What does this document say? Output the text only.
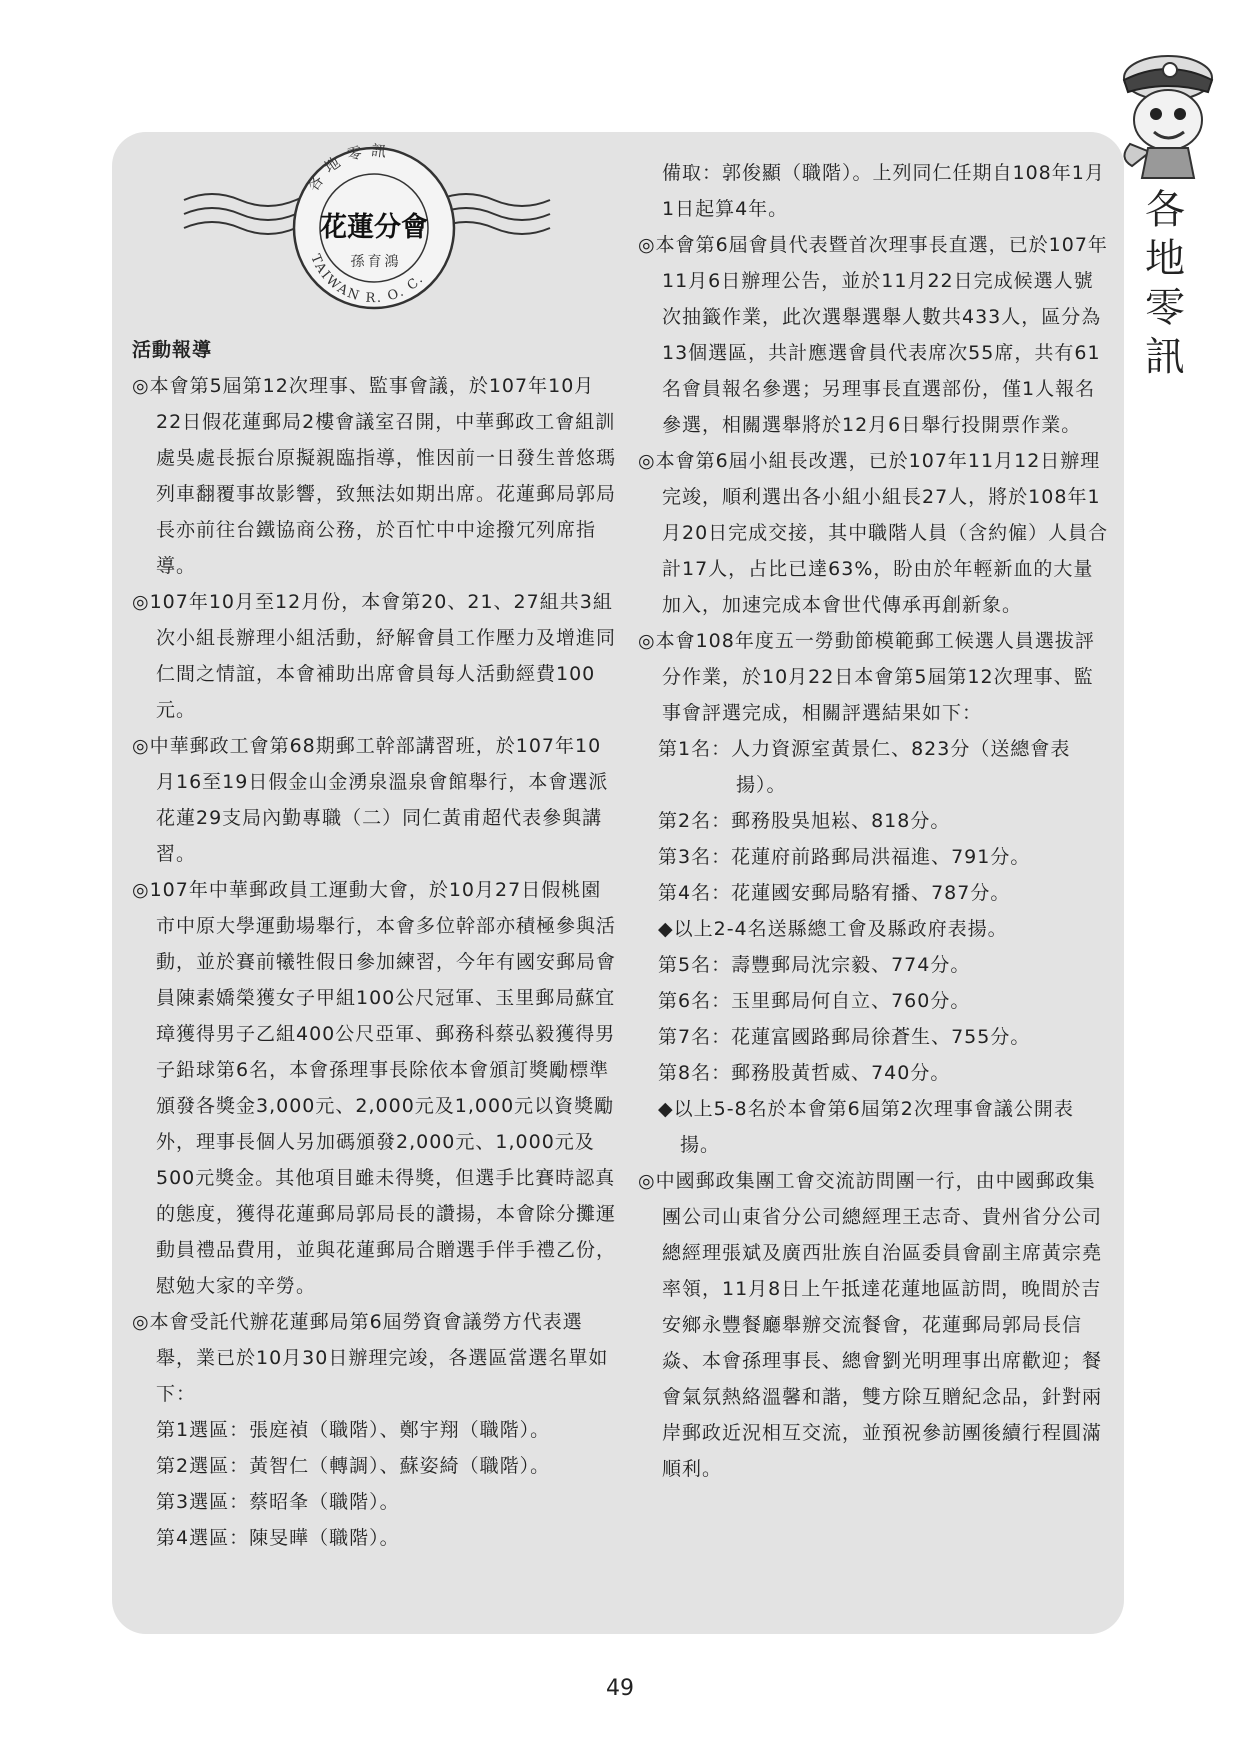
各
地
零
訊
各地零訊
花蓮分會
孫育鴻
TAIWAN R. O. C.
活動報導

◎本會第5屆第12次理事、監事會議，於107年10月22日假花蓮郵局2樓會議室召開，中華郵政工會組訓處吳處長振台原擬親臨指導，惟因前一日發生普悠瑪列車翻覆事故影響，致無法如期出席。花蓮郵局郭局長亦前往台鐵協商公務，於百忙中中途撥冗列席指導。

◎107年10月至12月份，本會第20、21、27組共3組次小組長辦理小組活動，紓解會員工作壓力及增進同仁間之情誼，本會補助出席會員每人活動經費100元。

◎中華郵政工會第68期郵工幹部講習班，於107年10月16至19日假金山金湧泉溫泉會館舉行，本會選派花蓮29支局內勤專職（二）同仁黃甫超代表參與講習。

◎107年中華郵政員工運動大會，於10月27日假桃園市中原大學運動場舉行，本會多位幹部亦積極參與活動，並於賽前犧牲假日參加練習，今年有國安郵局會員陳素嬌榮獲女子甲組100公尺冠軍、玉里郵局蘇宜璋獲得男子乙組400公尺亞軍、郵務科蔡弘毅獲得男子鉛球第6名，本會孫理事長除依本會頒訂獎勵標準頒發各獎金3,000元、2,000元及1,000元以資獎勵外，理事長個人另加碼頒發2,000元、1,000元及500元獎金。其他項目雖未得獎，但選手比賽時認真的態度，獲得花蓮郵局郭局長的讚揚，本會除分攤運動員禮品費用，並與花蓮郵局合贈選手伴手禮乙份，慰勉大家的辛勞。

◎本會受託代辦花蓮郵局第6屆勞資會議勞方代表選舉，業已於10月30日辦理完竣，各選區當選名單如下：

第1選區：張庭禎（職階）、鄭宇翔（職階）。

第2選區：黃智仁（轉調）、蘇姿綺（職階）。

第3選區：蔡昭夆（職階）。

第4選區：陳旻曄（職階）。

備取：郭俊顯（職階）。上列同仁任期自108年1月1日起算4年。

◎本會第6屆會員代表暨首次理事長直選，已於107年11月6日辦理公告，並於11月22日完成候選人號次抽籤作業，此次選舉選舉人數共433人，區分為13個選區，共計應選會員代表席次55席，共有61名會員報名參選；另理事長直選部份，僅1人報名參選，相關選舉將於12月6日舉行投開票作業。

◎本會第6屆小組長改選，已於107年11月12日辦理完竣，順利選出各小組小組長27人，將於108年1月20日完成交接，其中職階人員（含約僱）人員合計17人，占比已達63%，盼由於年輕新血的大量加入，加速完成本會世代傳承再創新象。

◎本會108年度五一勞動節模範郵工候選人員選拔評分作業，於10月22日本會第5屆第12次理事、監事會評選完成，相關評選結果如下：

第1名：人力資源室黃景仁、823分（送總會表揚）。

第2名：郵務股吳旭崧、818分。

第3名：花蓮府前路郵局洪福進、791分。

第4名：花蓮國安郵局駱宥播、787分。

◆以上2-4名送縣總工會及縣政府表揚。

第5名：壽豐郵局沈宗毅、774分。

第6名：玉里郵局何自立、760分。

第7名：花蓮富國路郵局徐蒼生、755分。

第8名：郵務股黃哲威、740分。

◆以上5-8名於本會第6屆第2次理事會議公開表揚。

◎中國郵政集團工會交流訪問團一行，由中國郵政集團公司山東省分公司總經理王志奇、貴州省分公司總經理張斌及廣西壯族自治區委員會副主席黃宗堯率領，11月8日上午抵達花蓮地區訪問，晚間於吉安鄉永豐餐廳舉辦交流餐會，花蓮郵局郭局長信焱、本會孫理事長、總會劉光明理事出席歡迎；餐會氣氛熱絡溫馨和諧，雙方除互贈紀念品，針對兩岸郵政近況相互交流，並預祝參訪團後續行程圓滿順利。

49
